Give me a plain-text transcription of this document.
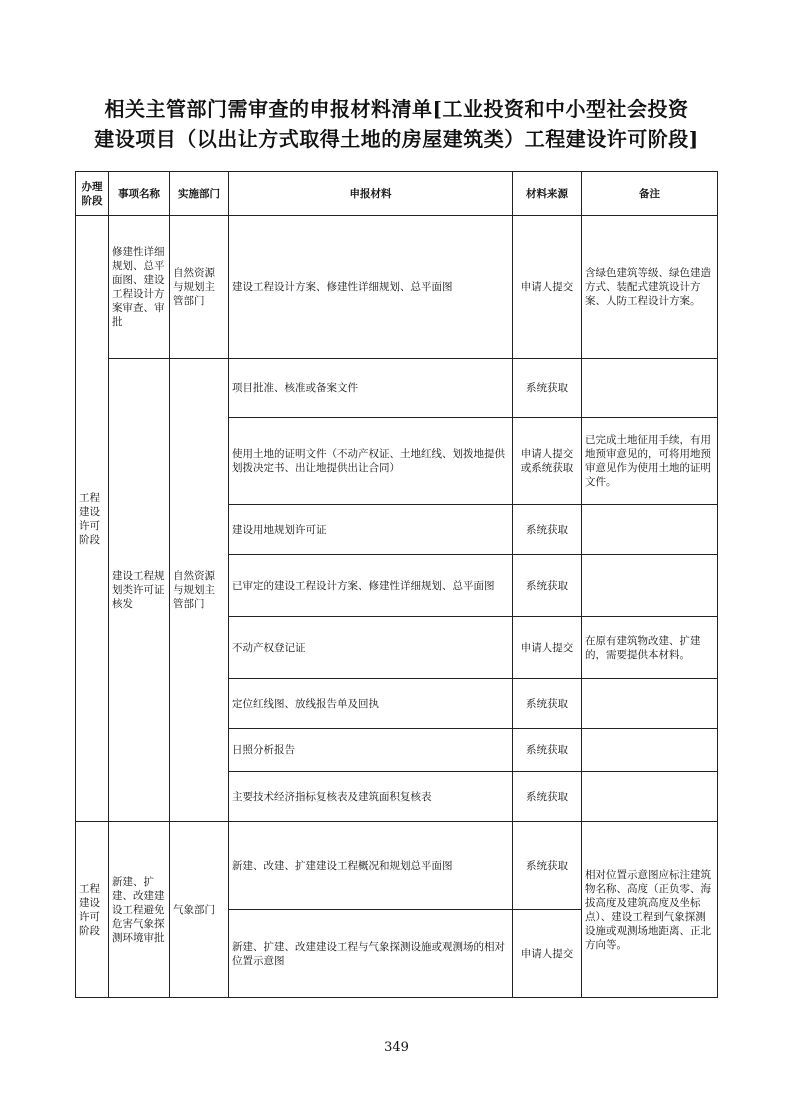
相关主管部门需审查的申报材料清单[工业投资和中小型社会投资
建设项目（以出让方式取得土地的房屋建筑类）工程建设许可阶段]
办理阶段	事项名称	实施部门	申报材料	材料来源	备注
工程建设许可阶段	修建性详细规划、总平面图、建设工程设计方案审查、审批	自然资源与规划主管部门	建设工程设计方案、修建性详细规划、总平面图	申请人提交	含绿色建筑等级、绿色建造方式、装配式建筑设计方案、人防工程设计方案。
	建设工程规划类许可证核发	自然资源与规划主管部门	项目批准、核准或备案文件	系统获取	
			使用土地的证明文件（不动产权证、土地红线、划拨地提供划拨决定书、出让地提供出让合同）	申请人提交或系统获取	已完成土地征用手续，有用地预审意见的，可将用地预审意见作为使用土地的证明文件。
			建设用地规划许可证	系统获取	
			已审定的建设工程设计方案、修建性详细规划、总平面图	系统获取	
			不动产权登记证	申请人提交	在原有建筑物改建、扩建的，需要提供本材料。
			定位红线图、放线报告单及回执	系统获取	
			日照分析报告	系统获取	
			主要技术经济指标复核表及建筑面积复核表	系统获取	
工程建设许可阶段	新建、扩建、改建建设工程避免危害气象探测环境审批	气象部门	新建、改建、扩建建设工程概况和规划总平面图	系统获取	相对位置示意图应标注建筑物名称、高度（正负零、海拔高度及建筑高度及坐标点）、建设工程到气象探测设施或观测场地距离、正北方向等。
			新建、扩建、改建建设工程与气象探测设施或观测场的相对位置示意图	申请人提交	
349
